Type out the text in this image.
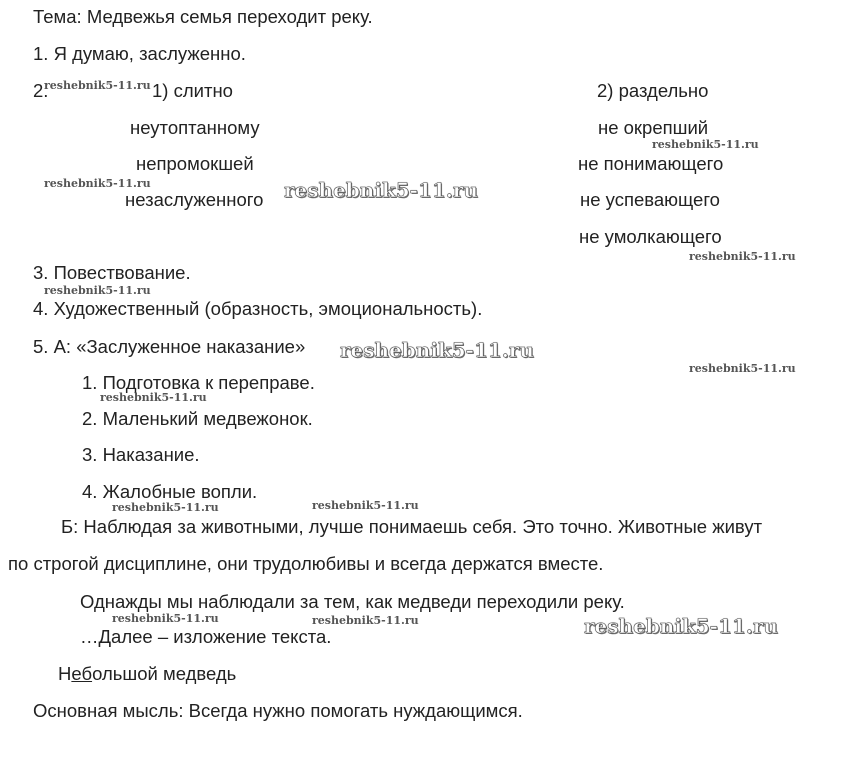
Тема: Медвежья семья переходит реку.
1. Я думаю, заслуженно.
2.	1) слитно	2) раздельно
неутоптанному
непромокшей
незаслуженного
не окрепший
не понимающего
не успевающего
не умолкающего
3. Повествование.
4. Художественный (образность, эмоциональность).
5. А: «Заслуженное наказание»
1. Подготовка к переправе.
2. Маленький медвежонок.
3. Наказание.
4. Жалобные вопли.
Б: Наблюдая за животными, лучше понимаешь себя. Это точно. Животные живут
по строгой дисциплине, они трудолюбивы и всегда держатся вместе.
Однажды мы наблюдали за тем, как медведи переходили реку.
…Далее – изложение текста.
Небольшой медведь
Основная мысль: Всегда нужно помогать нуждающимся.
reshebnik5-11.ru
reshebnik5-11.ru
reshebnik5-11.ru	reshebnik5-11.ru
reshebnik5-11.ru
reshebnik5-11.ru
reshebnik5-11.ru
reshebnik5-11.ru
reshebnik5-11.ru
reshebnik5-11.ru
reshebnik5-11.ru
reshebnik5-11.ru	reshebnik5-11.ru	reshebnik5-11.ru
